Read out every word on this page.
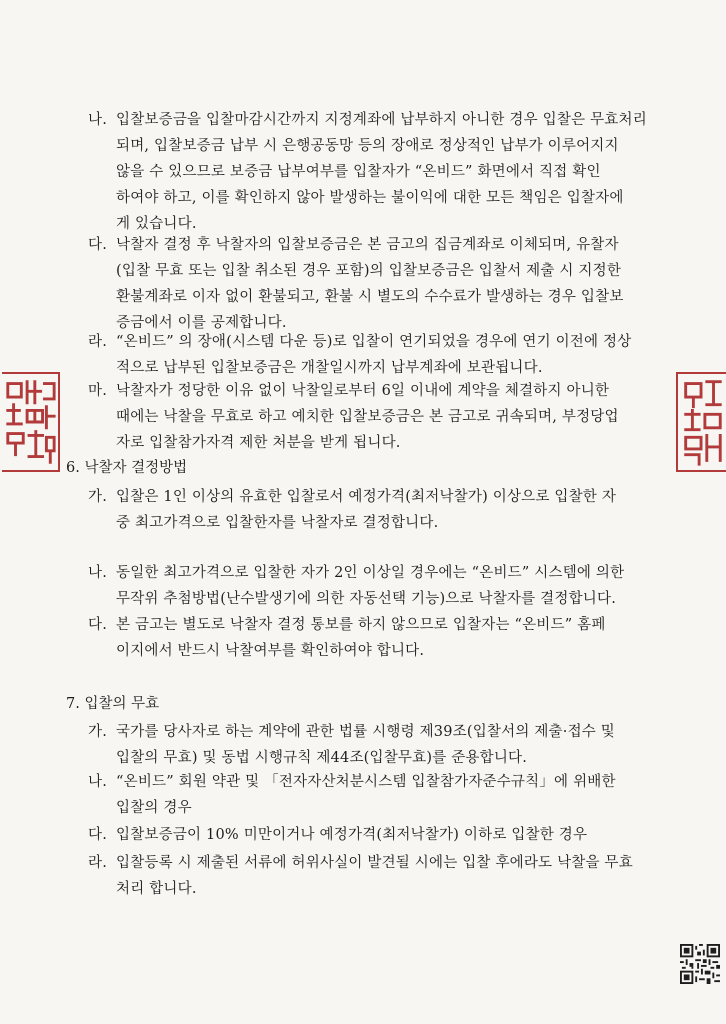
나. 입찰보증금을 입찰마감시간까지 지정계좌에 납부하지 아니한 경우 입찰은 무효처리
되며, 입찰보증금 납부 시 은행공동망 등의 장애로 정상적인 납부가 이루어지지
않을 수 있으므로 보증금 납부여부를 입찰자가 “온비드” 화면에서 직접 확인
하여야 하고, 이를 확인하지 않아 발생하는 불이익에 대한 모든 책임은 입찰자에
게 있습니다.
다. 낙찰자 결정 후 낙찰자의 입찰보증금은 본 금고의 집금계좌로 이체되며, 유찰자
(입찰 무효 또는 입찰 취소된 경우 포함)의 입찰보증금은 입찰서 제출 시 지정한
환불계좌로 이자 없이 환불되고, 환불 시 별도의 수수료가 발생하는 경우 입찰보
증금에서 이를 공제합니다.
라. “온비드” 의 장애(시스템 다운 등)로 입찰이 연기되었을 경우에 연기 이전에 정상
적으로 납부된 입찰보증금은 개찰일시까지 납부계좌에 보관됩니다.
마. 낙찰자가 정당한 이유 없이 낙찰일로부터 6일 이내에 계약을 체결하지 아니한
때에는 낙찰을 무효로 하고 예치한 입찰보증금은 본 금고로 귀속되며, 부정당업
자로 입찰참가자격 제한 처분을 받게 됩니다.
6. 낙찰자 결정방법
가. 입찰은 1인 이상의 유효한 입찰로서 예정가격(최저낙찰가) 이상으로 입찰한 자
중 최고가격으로 입찰한자를 낙찰자로 결정합니다.
나. 동일한 최고가격으로 입찰한 자가 2인 이상일 경우에는 “온비드” 시스템에 의한
무작위 추첨방법(난수발생기에 의한 자동선택 기능)으로 낙찰자를 결정합니다.
다. 본 금고는 별도로 낙찰자 결정 통보를 하지 않으므로 입찰자는 “온비드” 홈페
이지에서 반드시 낙찰여부를 확인하여야 합니다.
7. 입찰의 무효
가. 국가를 당사자로 하는 계약에 관한 법률 시행령 제39조(입찰서의 제출·접수 및
입찰의 무효) 및 동법 시행규칙 제44조(입찰무효)를 준용합니다.
나. “온비드” 회원 약관 및 「전자자산처분시스템 입찰참가자준수규칙」에 위배한
입찰의 경우
다. 입찰보증금이 10% 미만이거나 예정가격(최저낙찰가) 이하로 입찰한 경우
라. 입찰등록 시 제출된 서류에 허위사실이 발견될 시에는 입찰 후에라도 낙찰을 무효
처리 합니다.
